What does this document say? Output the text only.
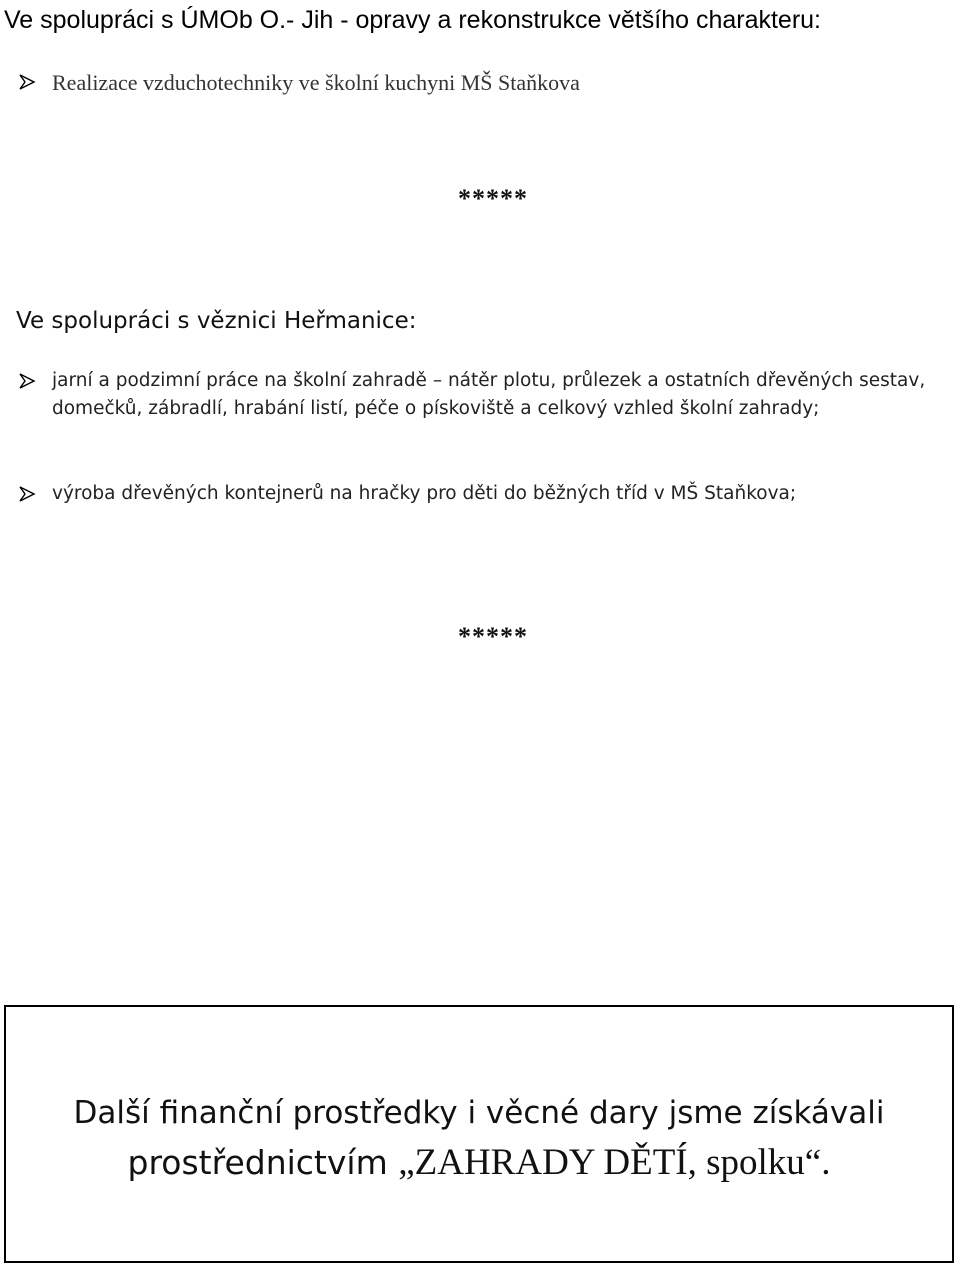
Ve spolupráci s ÚMOb O.- Jih - opravy a rekonstrukce většího charakteru:
Realizace vzduchotechniky ve školní kuchyni MŠ Staňkova
*****
Ve spolupráci s věznici Heřmanice:
jarní a podzimní práce na školní zahradě – nátěr plotu, průlezek a ostatních dřevěných sestav, domečků, zábradlí, hrabání listí, péče o pískoviště a celkový vzhled školní zahrady;
výroba dřevěných kontejnerů na hračky pro děti do běžných tříd v MŠ Staňkova;
*****
Další finanční prostředky i věcné dary jsme získávali
prostřednictvím „ZAHRADY DĚTÍ, spolku“.
